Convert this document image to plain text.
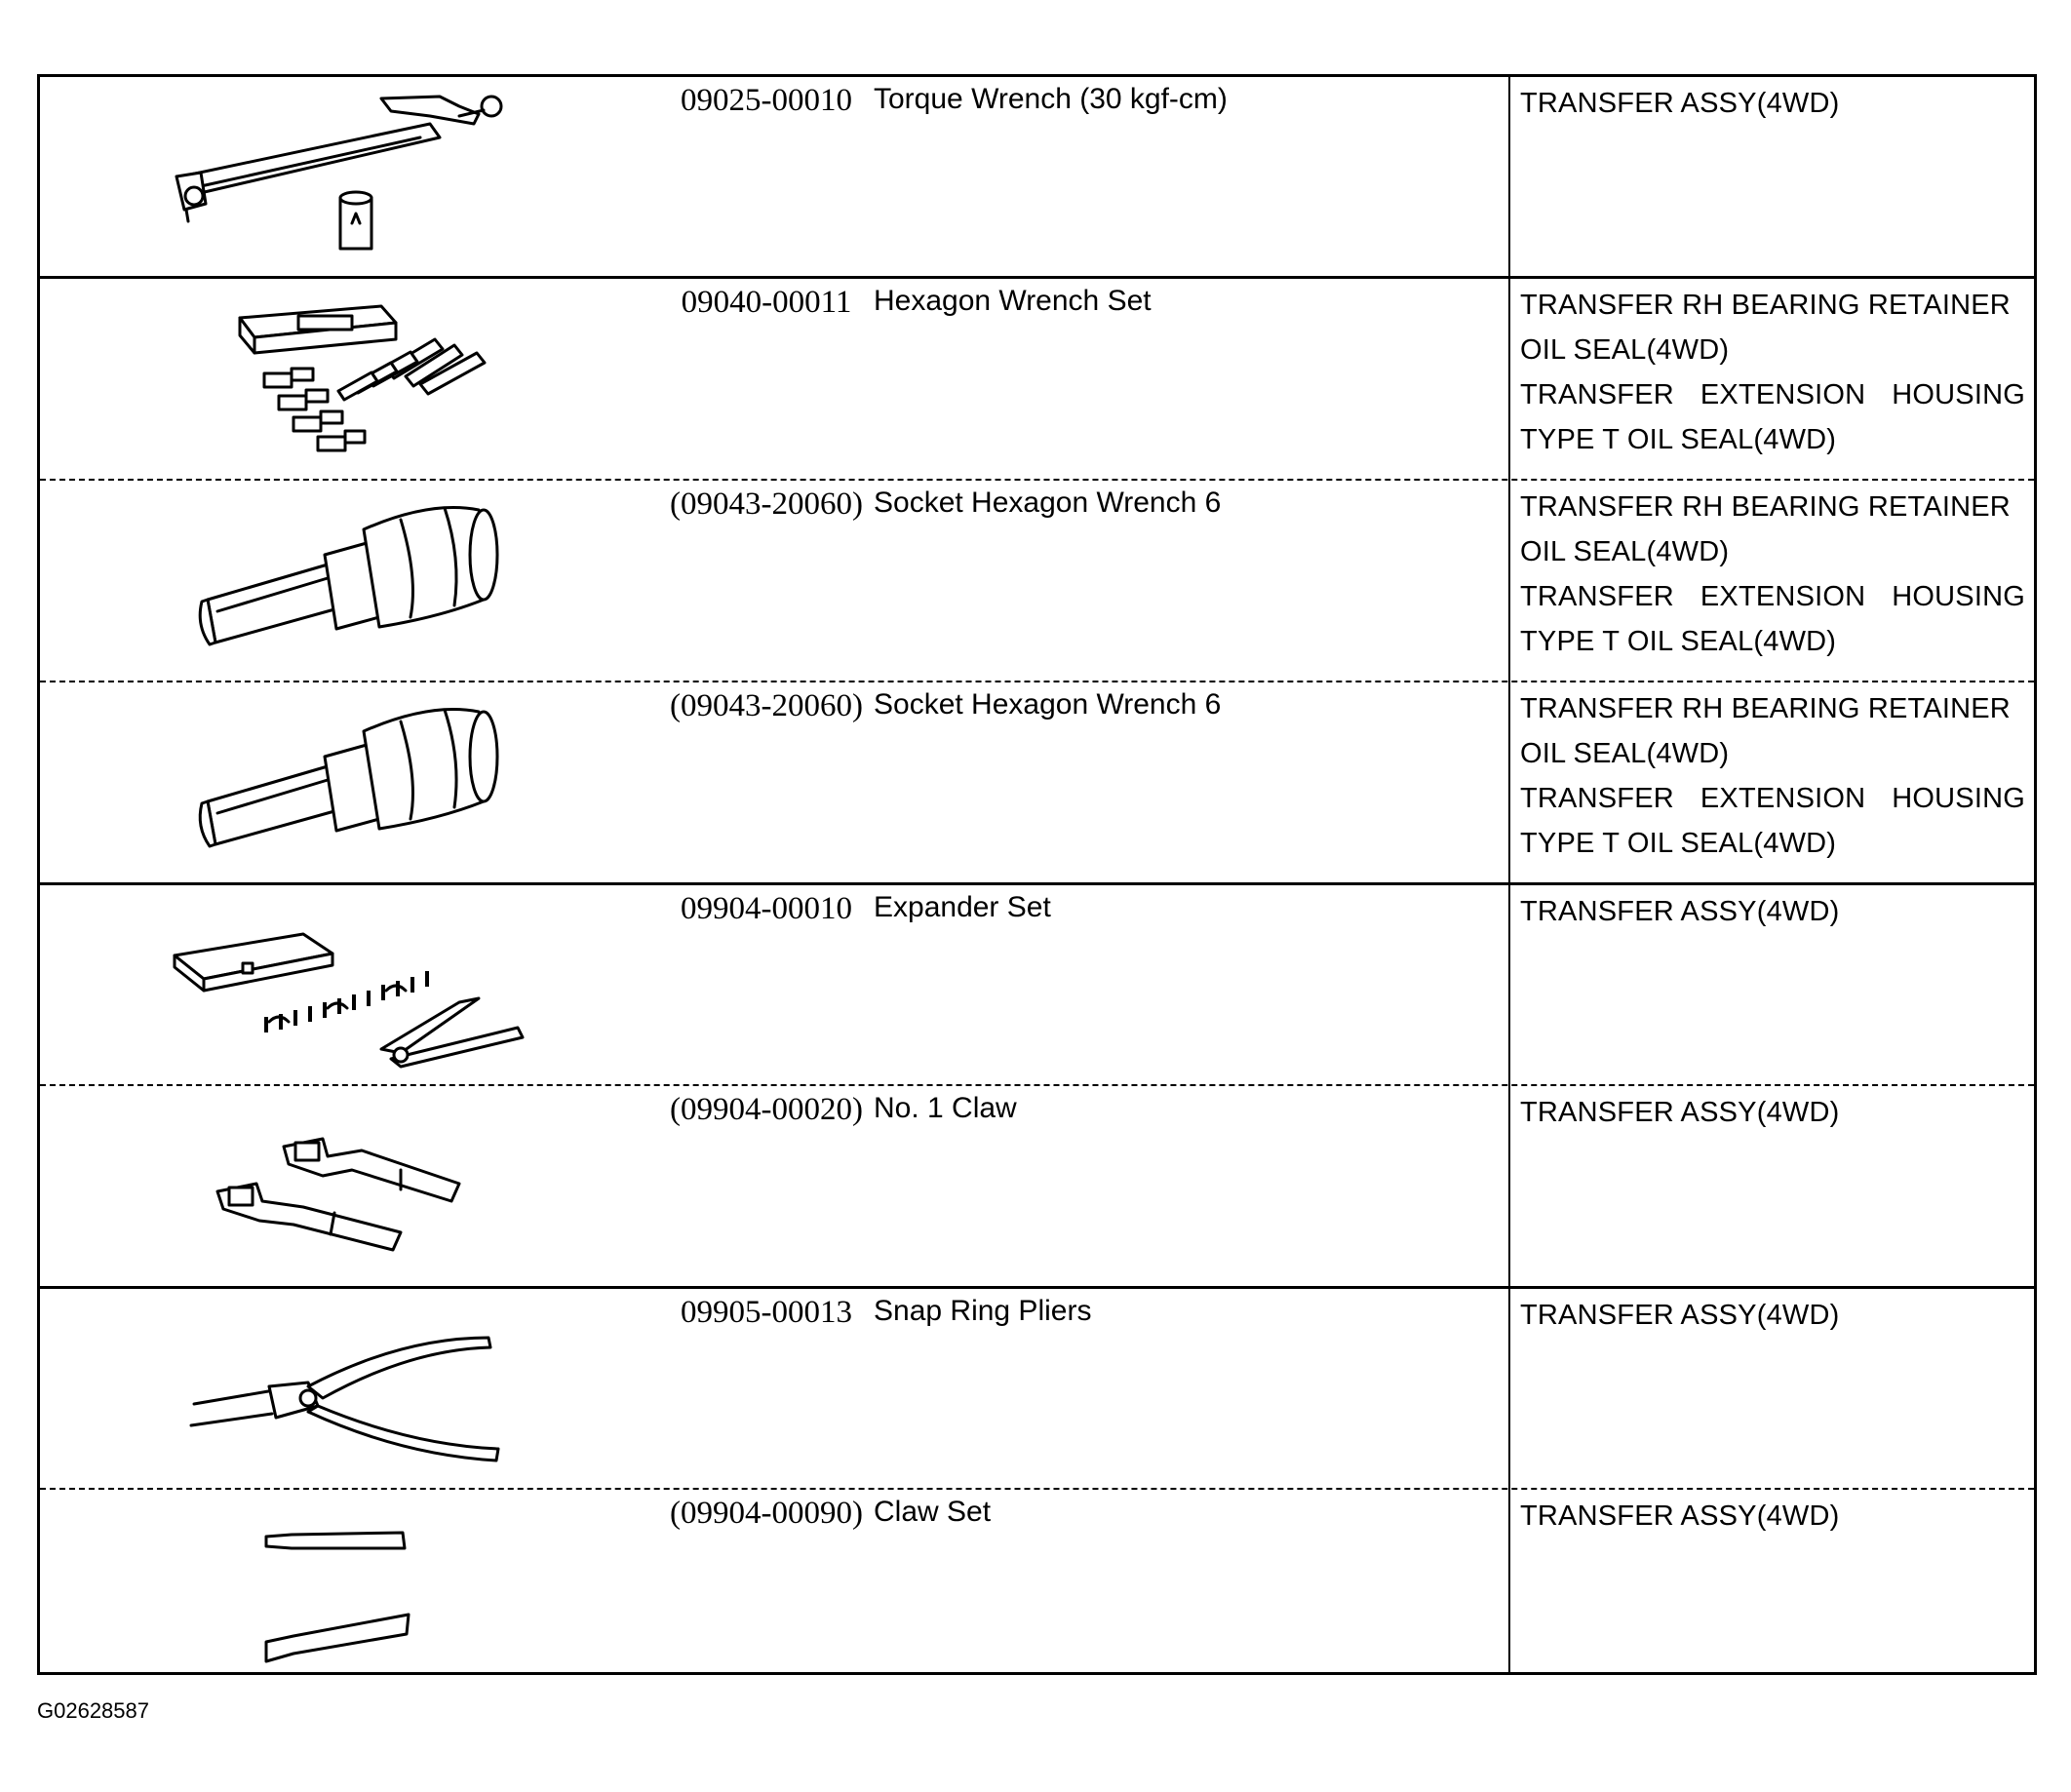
09025-00010 Torque Wrench (30 kgf-cm)	TRANSFER ASSY(4WD)
09040-00011 Hexagon Wrench Set	TRANSFER RH BEARING RETAINER
OIL SEAL(4WD)
TRANSFER EXTENSION HOUSING
TYPE T OIL SEAL(4WD)
(09043-20060) Socket Hexagon Wrench 6	TRANSFER RH BEARING RETAINER
OIL SEAL(4WD)
TRANSFER EXTENSION HOUSING
TYPE T OIL SEAL(4WD)
(09043-20060) Socket Hexagon Wrench 6	TRANSFER RH BEARING RETAINER
OIL SEAL(4WD)
TRANSFER EXTENSION HOUSING
TYPE T OIL SEAL(4WD)
09904-00010 Expander Set	TRANSFER ASSY(4WD)
(09904-00020) No. 1 Claw	TRANSFER ASSY(4WD)
09905-00013 Snap Ring Pliers	TRANSFER ASSY(4WD)
(09904-00090) Claw Set	TRANSFER ASSY(4WD)
G02628587
